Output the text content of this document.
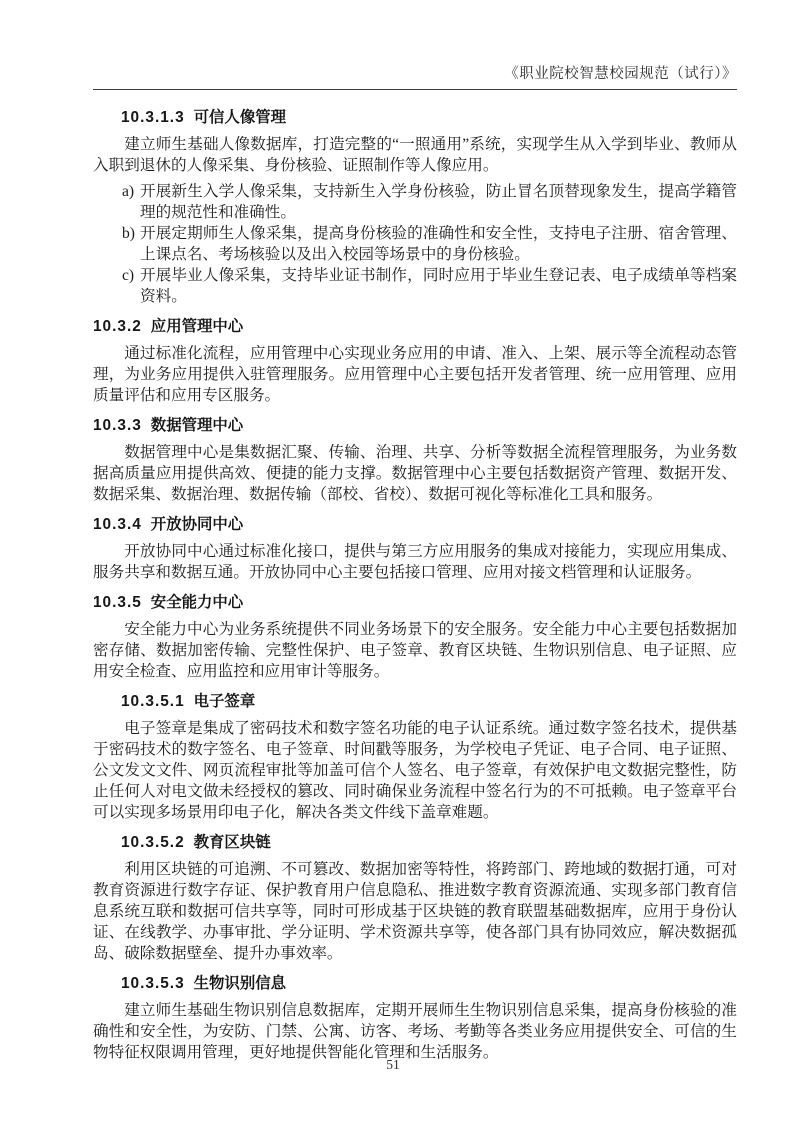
《职业院校智慧校园规范（试行）》
10.3.1.3 可信人像管理

建立师生基础人像数据库，打造完整的“一照通用”系统，实现学生从入学到毕业、教师从入职到退休的人像采集、身份核验、证照制作等人像应用。

a) 开展新生入学人像采集，支持新生入学身份核验，防止冒名顶替现象发生，提高学籍管理的规范性和准确性。
b) 开展定期师生人像采集，提高身份核验的准确性和安全性，支持电子注册、宿舍管理、上课点名、考场核验以及出入校园等场景中的身份核验。
c) 开展毕业人像采集，支持毕业证书制作，同时应用于毕业生登记表、电子成绩单等档案资料。
10.3.2 应用管理中心

通过标准化流程，应用管理中心实现业务应用的申请、准入、上架、展示等全流程动态管理，为业务应用提供入驻管理服务。应用管理中心主要包括开发者管理、统一应用管理、应用质量评估和应用专区服务。

10.3.3 数据管理中心

数据管理中心是集数据汇聚、传输、治理、共享、分析等数据全流程管理服务，为业务数据高质量应用提供高效、便捷的能力支撑。数据管理中心主要包括数据资产管理、数据开发、数据采集、数据治理、数据传输（部校、省校）、数据可视化等标准化工具和服务。

10.3.4 开放协同中心

开放协同中心通过标准化接口，提供与第三方应用服务的集成对接能力，实现应用集成、服务共享和数据互通。开放协同中心主要包括接口管理、应用对接文档管理和认证服务。

10.3.5 安全能力中心

安全能力中心为业务系统提供不同业务场景下的安全服务。安全能力中心主要包括数据加密存储、数据加密传输、完整性保护、电子签章、教育区块链、生物识别信息、电子证照、应用安全检查、应用监控和应用审计等服务。

10.3.5.1 电子签章

电子签章是集成了密码技术和数字签名功能的电子认证系统。通过数字签名技术，提供基于密码技术的数字签名、电子签章、时间戳等服务，为学校电子凭证、电子合同、电子证照、公文发文文件、网页流程审批等加盖可信个人签名、电子签章，有效保护电文数据完整性，防止任何人对电文做未经授权的篡改、同时确保业务流程中签名行为的不可抵赖。电子签章平台可以实现多场景用印电子化，解决各类文件线下盖章难题。

10.3.5.2 教育区块链

利用区块链的可追溯、不可篡改、数据加密等特性，将跨部门、跨地域的数据打通，可对教育资源进行数字存证、保护教育用户信息隐私、推进数字教育资源流通、实现多部门教育信息系统互联和数据可信共享等，同时可形成基于区块链的教育联盟基础数据库，应用于身份认证、在线教学、办事审批、学分证明、学术资源共享等，使各部门具有协同效应，解决数据孤岛、破除数据壁垒、提升办事效率。

10.3.5.3 生物识别信息

建立师生基础生物识别信息数据库，定期开展师生生物识别信息采集，提高身份核验的准确性和安全性，为安防、门禁、公寓、访客、考场、考勤等各类业务应用提供安全、可信的生物特征权限调用管理，更好地提供智能化管理和生活服务。

51
